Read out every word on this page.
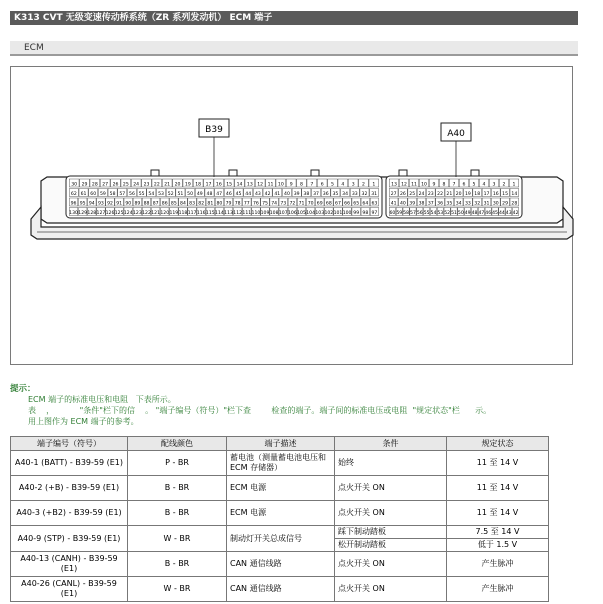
K313 CVT 无级变速传动桥系统（ZR 系列发动机） ECM 端子
ECM
B39	A40
30 29 28 27 26 25 24 23 22 21 20 19 18 17 16 15 14 13 12 11 10 9 8 7 6 5 4 3 2 1
62 61 60 59 58 57 56 55 54 53 52 51 50 49 48 47 46 45 44 43 42 41 40 39 38 37 36 35 34 33 32 31
96 95 94 93 92 91 90 89 88 87 86 85 84 83 82 81 80 79 78 77 76 75 74 73 72 71 70 69 68 67 66 65 64 63
130 129 128 127 126 125 124 123 122 121 120 119 118 117 116 115 114 113 112 111 110 109 108 107 106 105 104 103 102 101 100 99 98 97
13 12 11 10 9 8 7 6 5 4 3 2 1
27 26 25 24 23 22 21 20 19 18 17 16 15 14
41 40 39 38 37 36 35 34 33 32 31 30 29 28
60 59 58 57 56 55 54 53 52 51 50 49 48 47 46 45 44 43 42
提示：
ECM 端子的标准电压和电阻   下表所示。
表    ，          "条件"栏下的信    。 "端子编号（符号）"栏下查        检查的端子。端子间的标准电压或电阻  "规定状态"栏      示。
用上图作为 ECM 端子的参考。
端子编号（符号）	配线颜色	端子描述	条件	规定状态
A40-1 (BATT) - B39-59 (E1)	P - BR	蓄电池（测量蓄电池电压和 ECM 存储器）	始终	11 至 14 V
A40-2 (+B) - B39-59 (E1)	B - BR	ECM 电源	点火开关 ON	11 至 14 V
A40-3 (+B2) - B39-59 (E1)	B - BR	ECM 电源	点火开关 ON	11 至 14 V
A40-9 (STP) - B39-59 (E1)	W - BR	制动灯开关总成信号	踩下制动踏板	7.5 至 14 V
			松开制动踏板	低于 1.5 V
A40-13 (CANH) - B39-59 (E1)	B - BR	CAN 通信线路	点火开关 ON	产生脉冲
A40-26 (CANL) - B39-59 (E1)	W - BR	CAN 通信线路	点火开关 ON	产生脉冲
